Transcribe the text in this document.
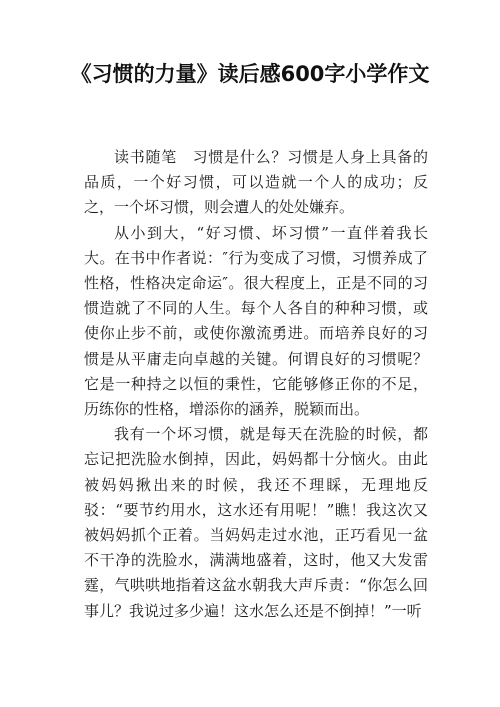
《习惯的力量》读后感600字小学作文

读书随笔　习惯是什么？习惯是人身上具备的品质，一个好习惯，可以造就一个人的成功；反之，一个坏习惯，则会遭人的处处嫌弃。

从小到大，“好习惯、坏习惯”一直伴着我长大。在书中作者说：″行为变成了习惯，习惯养成了性格，性格决定命运″。很大程度上，正是不同的习惯造就了不同的人生。每个人各自的种种习惯，或使你止步不前，或使你激流勇进。而培养良好的习惯是从平庸走向卓越的关键。何谓良好的习惯呢？它是一种持之以恒的秉性，它能够修正你的不足，历练你的性格，增添你的涵养，脱颖而出。

我有一个坏习惯，就是每天在洗脸的时候，都忘记把洗脸水倒掉，因此，妈妈都十分恼火。由此被妈妈揪出来的时候，我还不理睬，无理地反驳：“要节约用水，这水还有用呢！”瞧！我这次又被妈妈抓个正着。当妈妈走过水池，正巧看见一盆不干净的洗脸水，满满地盛着，这时，他又大发雷霆，气哄哄地指着这盆水朝我大声斥责：“你怎么回事儿？我说过多少遍！这水怎么还是不倒掉！”一听
